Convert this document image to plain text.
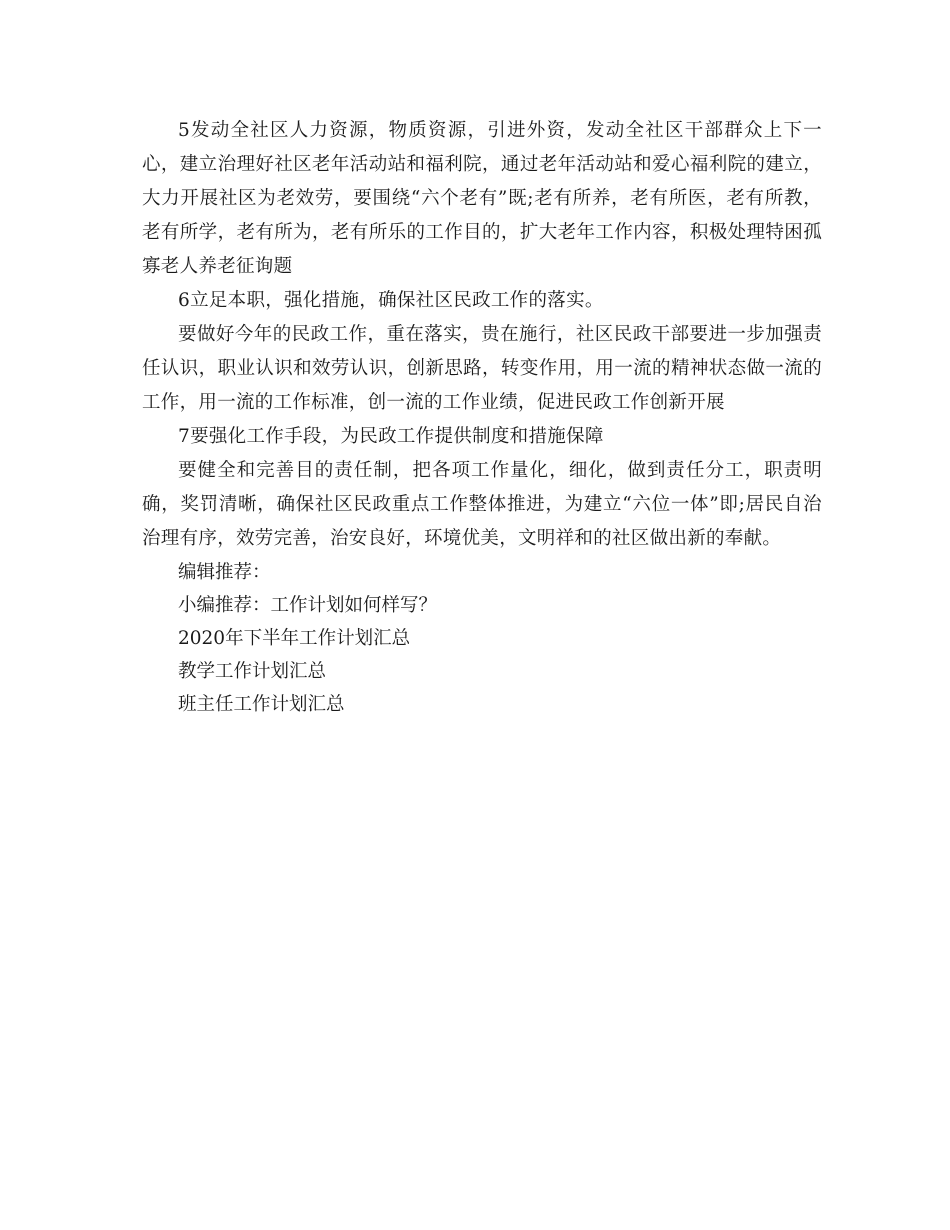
5发动全社区人力资源，物质资源，引进外资，发动全社区干部群众上下一心，建立治理好社区老年活动站和福利院，通过老年活动站和爱心福利院的建立，大力开展社区为老效劳，要围绕“六个老有”既;老有所养，老有所医，老有所教，老有所学，老有所为，老有所乐的工作目的，扩大老年工作内容，积极处理特困孤寡老人养老征询题

6立足本职，强化措施，确保社区民政工作的落实。

要做好今年的民政工作，重在落实，贵在施行，社区民政干部要进一步加强责任认识，职业认识和效劳认识，创新思路，转变作用，用一流的精神状态做一流的工作，用一流的工作标准，创一流的工作业绩，促进民政工作创新开展

7要强化工作手段，为民政工作提供制度和措施保障

要健全和完善目的责任制，把各项工作量化，细化，做到责任分工，职责明确，奖罚清晰，确保社区民政重点工作整体推进，为建立“六位一体”即;居民自治治理有序，效劳完善，治安良好，环境优美，文明祥和的社区做出新的奉献。

编辑推荐：

小编推荐：工作计划如何样写？

2020年下半年工作计划汇总

教学工作计划汇总

班主任工作计划汇总
